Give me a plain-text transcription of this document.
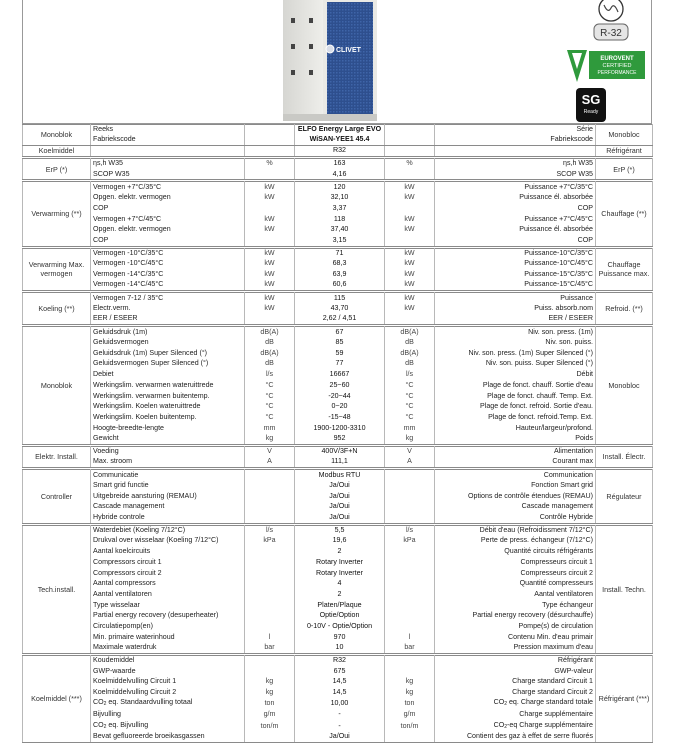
CLIVET
R-32
EUROVENT
CERTIFIED
PERFORMANCE
SG
Ready
Monoblok	Reeks		ELFO Energy Large EVO		Série	Monobloc
	Fabriekscode		WiSAN-YEE1 45.4		Fabriekscode	
Koelmiddel			R32			Réfrigérant

ErP (*)	ηs,h W35	%	163	%	ηs,h W35	ErP (*)
	SCOP W35		4,16		SCOP W35	

Verwarming (**)	Vermogen +7°C/35°C	kW	120	kW	Puissance +7°C/35°C	Chauffage (**)
	Opgen. elektr. vermogen	kW	32,10	kW	Puissance él. absorbée	
	COP		3,37		COP	
	Vermogen +7°C/45°C	kW	118	kW	Puissance +7°C/45°C	
	Opgen. elektr. vermogen	kW	37,40	kW	Puissance él. absorbée	
	COP		3,15		COP	

Verwarming Max. vermogen	Vermogen -10°C/35°C	kW	71	kW	Puissance-10°C/35°C	Chauffage Puissance max.
	Vermogen -10°C/45°C	kW	68,3	kW	Puissance-10°C/45°C	
	Vermogen -14°C/35°C	kW	63,9	kW	Puissance-15°C/35°C	
	Vermogen -14°C/45°C	kW	60,6	kW	Puissance-15°C/45°C	

Koeling (**)	Vermogen 7-12 / 35°C	kW	115	kW	Puissance	Refroid. (**)
	Electr.verm.	kW	43,70	kW	Puiss. absorb.nom	
	EER / ESEER		2,62 / 4,51		EER / ESEER	

Monoblok	Geluidsdruk (1m)	dB(A)	67	dB(A)	Niv. son. press. (1m)	Monobloc
	Geluidsvermogen	dB	85	dB	Niv. son. puiss.	
	Geluidsdruk (1m) Super Silenced (°)	dB(A)	59	dB(A)	Niv. son. press. (1m) Super Silenced (°)	
	Geluidsvermogen Super Silenced (°)	dB	77	dB	Niv. son. puiss. Super Silenced (°)	
	Debiet	l/s	16667	l/s	Débit	
	Werkingslim. verwarmen wateruittrede	°C	25~60	°C	Plage de fonct. chauff. Sortie d'eau	
	Werkingslim. verwarmen buitentemp.	°C	-20~44	°C	Plage de fonct. chauff. Temp. Ext.	
	Werkingslim. Koelen wateruittrede	°C	0~20	°C	Plage de fonct. refroid. Sortie d'eau.	
	Werkingslim. Koelen buitentemp.	°C	-15~48	°C	Plage de fonct. refroid.Temp. Ext.	
	Hoogte-breedte-lengte	mm	1900-1200-3310	mm	Hauteur/largeur/profond.	
	Gewicht	kg	952	kg	Poids	

Elektr. Install.	Voeding	V	400V/3F+N	V	Alimentation	Install. Électr.
	Max. stroom	A	111,1	A	Courant max	

Controller	Communicatie		Modbus RTU		Communication	Régulateur
	Smart grid functie		Ja/Oui		Fonction Smart grid	
	Uitgebreide aansturing (REMAU)		Ja/Oui		Options de contrôle étendues (REMAU)	
	Cascade management		Ja/Oui		Cascade management	
	Hybride controle		Ja/Oui		Contrôle Hybride	

Tech.install.	Waterdebiet (Koeling 7/12°C)	l/s	5,5	l/s	Débit d'eau (Refroidissment 7/12°C)	Install. Techn.
	Drukval over wisselaar (Koeling 7/12°C)	kPa	19,6	kPa	Perte de press. échangeur (7/12°C)	
	Aantal koelcircuits		2		Quantité circuits réfrigérants	
	Compressors circuit 1		Rotary Inverter		Compresseurs circuit 1	
	Compressors circuit 2		Rotary Inverter		Compresseurs circuit 2	
	Aantal compressors		4		Quantité compresseurs	
	Aantal ventilatoren		2		Aantal ventilatoren	
	Type wisselaar		Platen/Plaque		Type échangeur	
	Partial energy recovery (desuperheater)		Optie/Option		Partial energy recovery (désurchauffe)	
	Circulatiepomp(en)		0-10V - Optie/Option		Pompe(s) de circulation	
	Min. primaire waterinhoud	l	970	l	Contenu Min. d'eau primair	
	Maximale waterdruk	bar	10	bar	Pression maximum d'eau	

Koelmiddel (***)	Koudemiddel		R32		Réfrigérant	Réfrigérant (***)
	GWP-waarde		675		GWP-valeur	
	Koelmiddelvulling Circuit 1	kg	14,5	kg	Charge standard Circuit 1	
	Koelmiddelvulling Circuit 2	kg	14,5	kg	Charge standard Circuit 2	
	$CO_2$ eq. Standaardvulling totaal	ton	10,00	ton	$CO_2$ eq. Charge standard totale	
	Bijvulling	g/m	-	g/m	Charge supplémentaire	
	$CO_2$ eq. Bijvulling	ton/m	-	ton/m	$CO_2-eq$ Charge supplémentaire	
	Bevat gefluoreerde broeikasgassen		Ja/Oui		Contient des gaz à effet de serre fluorés	
